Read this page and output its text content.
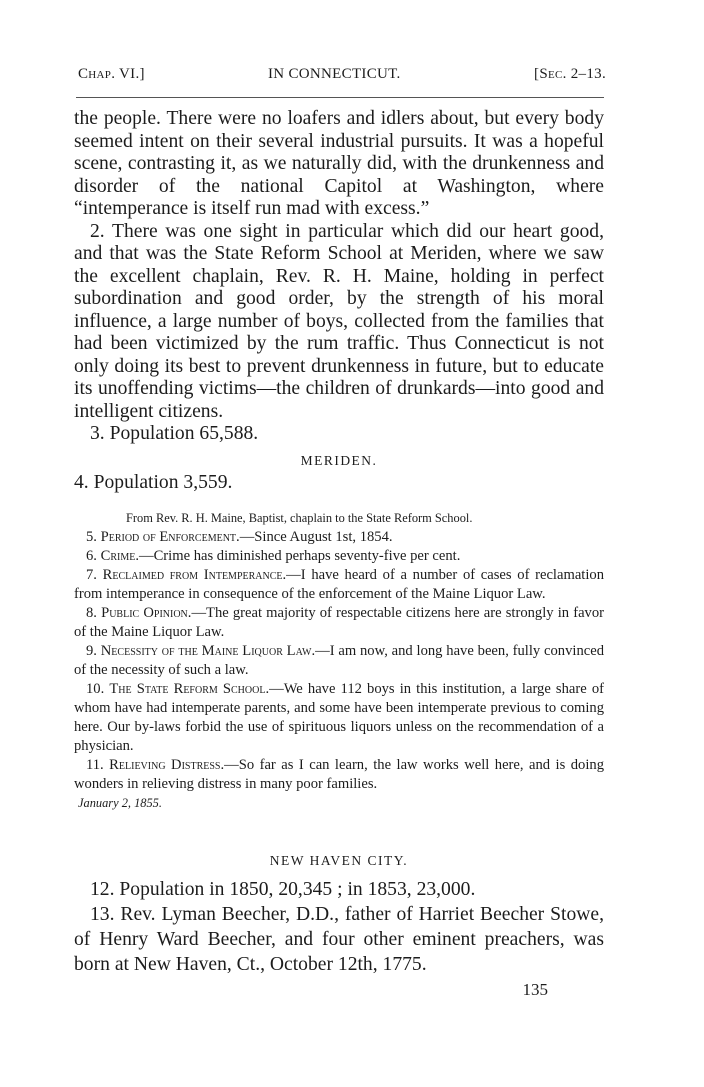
Chap. VI.]	IN CONNECTICUT.	[Sec. 2–13.

the people. There were no loafers and idlers about, but every body seemed intent on their several industrial pursuits. It was a hopeful scene, contrasting it, as we naturally did, with the drunkenness and disorder of the national Capitol at Washington, where “intemperance is itself run mad with excess.”

2. There was one sight in particular which did our heart good, and that was the State Reform School at Meriden, where we saw the excellent chaplain, Rev. R. H. Maine, holding in perfect subordination and good order, by the strength of his moral influence, a large number of boys, collected from the families that had been victimized by the rum traffic. Thus Connecticut is not only doing its best to prevent drunkenness in future, but to educate its unoffending victims—the children of drunkards—into good and intelligent citizens.

3. Population 65,588.

MERIDEN.

4. Population 3,559.

From Rev. R. H. Maine, Baptist, chaplain to the State Reform School.

5. Period of Enforcement.—Since August 1st, 1854.

6. Crime.—Crime has diminished perhaps seventy-five per cent.

7. Reclaimed from Intemperance.—I have heard of a number of cases of reclamation from intemperance in consequence of the enforcement of the Maine Liquor Law.

8. Public Opinion.—The great majority of respectable citizens here are strongly in favor of the Maine Liquor Law.

9. Necessity of the Maine Liquor Law.—I am now, and long have been, fully convinced of the necessity of such a law.

10. The State Reform School.—We have 112 boys in this institution, a large share of whom have had intemperate parents, and some have been intemperate previous to coming here. Our by-laws forbid the use of spirituous liquors unless on the recommendation of a physician.

11. Relieving Distress.—So far as I can learn, the law works well here, and is doing wonders in relieving distress in many poor families.

January 2, 1855.

NEW HAVEN CITY.

12. Population in 1850, 20,345 ; in 1853, 23,000.

13. Rev. Lyman Beecher, D.D., father of Harriet Beecher Stowe, of Henry Ward Beecher, and four other eminent preachers, was born at New Haven, Ct., October 12th, 1775.

135
